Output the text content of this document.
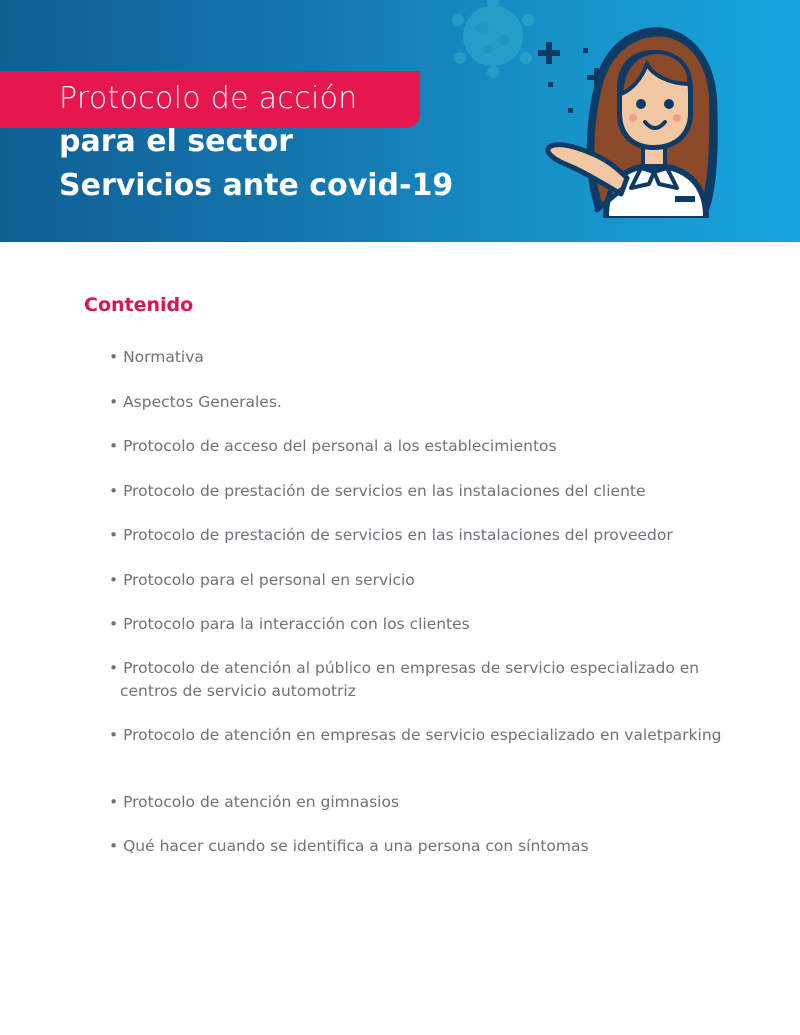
Protocolo de acción
para el sector
Servicios ante covid-19
Contenido
• Normativa
• Aspectos Generales.
• Protocolo de acceso del personal a los establecimientos
• Protocolo de prestación de servicios en las instalaciones del cliente
• Protocolo de prestación de servicios en las instalaciones del proveedor
• Protocolo para el personal en servicio
• Protocolo para la interacción con los clientes
• Protocolo de atención al público en empresas de servicio especializado en centros de servicio automotriz
• Protocolo de atención en empresas de servicio especializado en valetparking
• Protocolo de atención en gimnasios
• Qué hacer cuando se identifica a una persona con síntomas
